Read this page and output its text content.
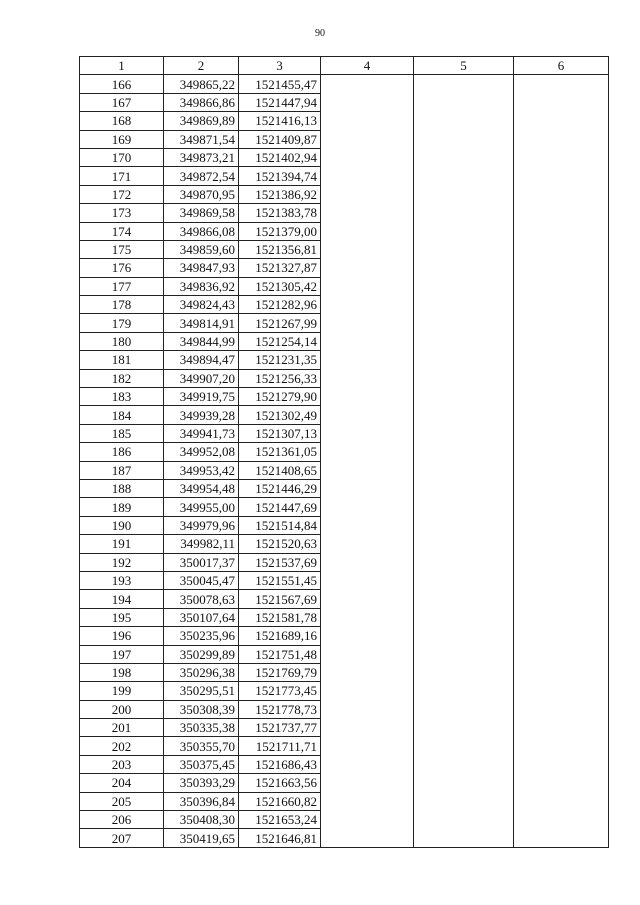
90
1	2	3	4	5	6
166	349865,22	1521455,47			
167	349866,86	1521447,94			
168	349869,89	1521416,13			
169	349871,54	1521409,87			
170	349873,21	1521402,94			
171	349872,54	1521394,74			
172	349870,95	1521386,92			
173	349869,58	1521383,78			
174	349866,08	1521379,00			
175	349859,60	1521356,81			
176	349847,93	1521327,87			
177	349836,92	1521305,42			
178	349824,43	1521282,96			
179	349814,91	1521267,99			
180	349844,99	1521254,14			
181	349894,47	1521231,35			
182	349907,20	1521256,33			
183	349919,75	1521279,90			
184	349939,28	1521302,49			
185	349941,73	1521307,13			
186	349952,08	1521361,05			
187	349953,42	1521408,65			
188	349954,48	1521446,29			
189	349955,00	1521447,69			
190	349979,96	1521514,84			
191	349982,11	1521520,63			
192	350017,37	1521537,69			
193	350045,47	1521551,45			
194	350078,63	1521567,69			
195	350107,64	1521581,78			
196	350235,96	1521689,16			
197	350299,89	1521751,48			
198	350296,38	1521769,79			
199	350295,51	1521773,45			
200	350308,39	1521778,73			
201	350335,38	1521737,77			
202	350355,70	1521711,71			
203	350375,45	1521686,43			
204	350393,29	1521663,56			
205	350396,84	1521660,82			
206	350408,30	1521653,24			
207	350419,65	1521646,81			
